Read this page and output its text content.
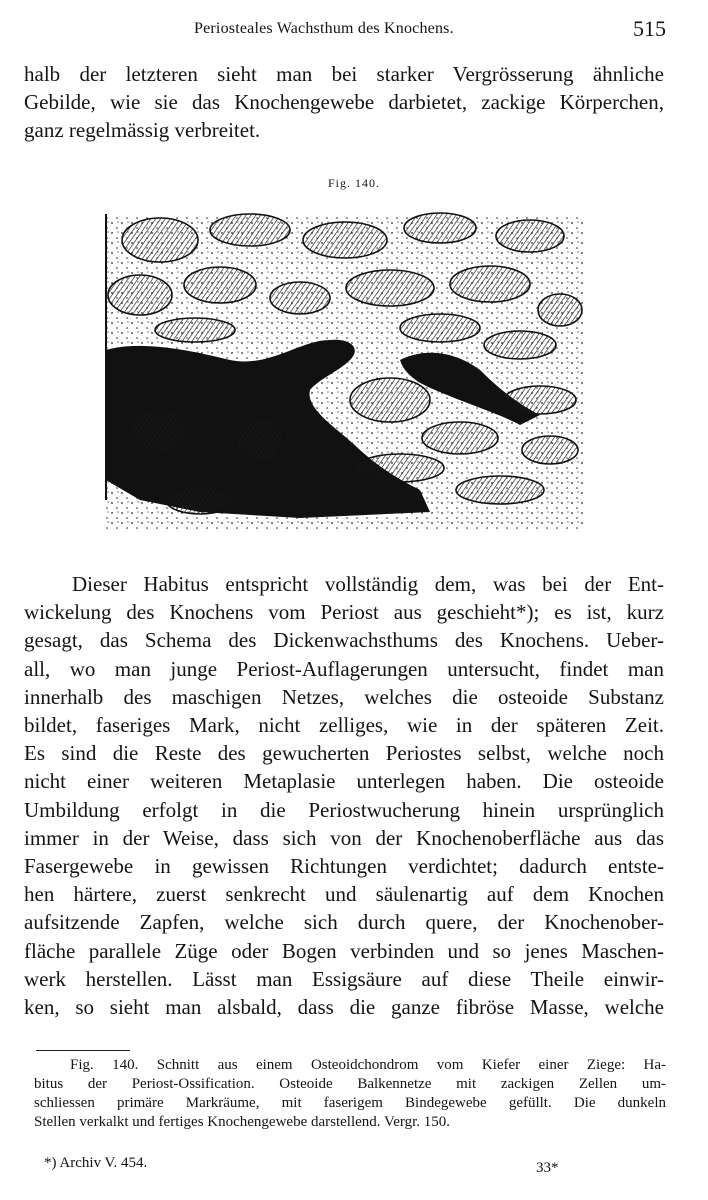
Periosteales Wachsthum des Knochens.	515
halb der letzteren sieht man bei starker Vergrösserung ähnliche
Gebilde, wie sie das Knochengewebe darbietet, zackige Körperchen,
ganz regelmässig verbreitet.
Fig. 140.
Dieser Habitus entspricht vollständig dem, was bei der Ent-
wickelung des Knochens vom Periost aus geschieht*); es ist, kurz
gesagt, das Schema des Dickenwachsthums des Knochens. Ueber-
all, wo man junge Periost-Auflagerungen untersucht, findet man
innerhalb des maschigen Netzes, welches die osteoide Substanz
bildet, faseriges Mark, nicht zelliges, wie in der späteren Zeit.
Es sind die Reste des gewucherten Periostes selbst, welche noch
nicht einer weiteren Metaplasie unterlegen haben. Die osteoide
Umbildung erfolgt in die Periostwucherung hinein ursprünglich
immer in der Weise, dass sich von der Knochenoberfläche aus das
Fasergewebe in gewissen Richtungen verdichtet; dadurch entste-
hen härtere, zuerst senkrecht und säulenartig auf dem Knochen
aufsitzende Zapfen, welche sich durch quere, der Knochenober-
fläche parallele Züge oder Bogen verbinden und so jenes Maschen-
werk herstellen. Lässt man Essigsäure auf diese Theile einwir-
ken, so sieht man alsbald, dass die ganze fibröse Masse, welche
Fig. 140. Schnitt aus einem Osteoidchondrom vom Kiefer einer Ziege: Ha-
bitus der Periost-Ossification. Osteoide Balkennetze mit zackigen Zellen um-
schliessen primäre Markräume, mit faserigem Bindegewebe gefüllt. Die dunkeln
Stellen verkalkt und fertiges Knochengewebe darstellend. Vergr. 150.
*) Archiv V. 454.	33*
